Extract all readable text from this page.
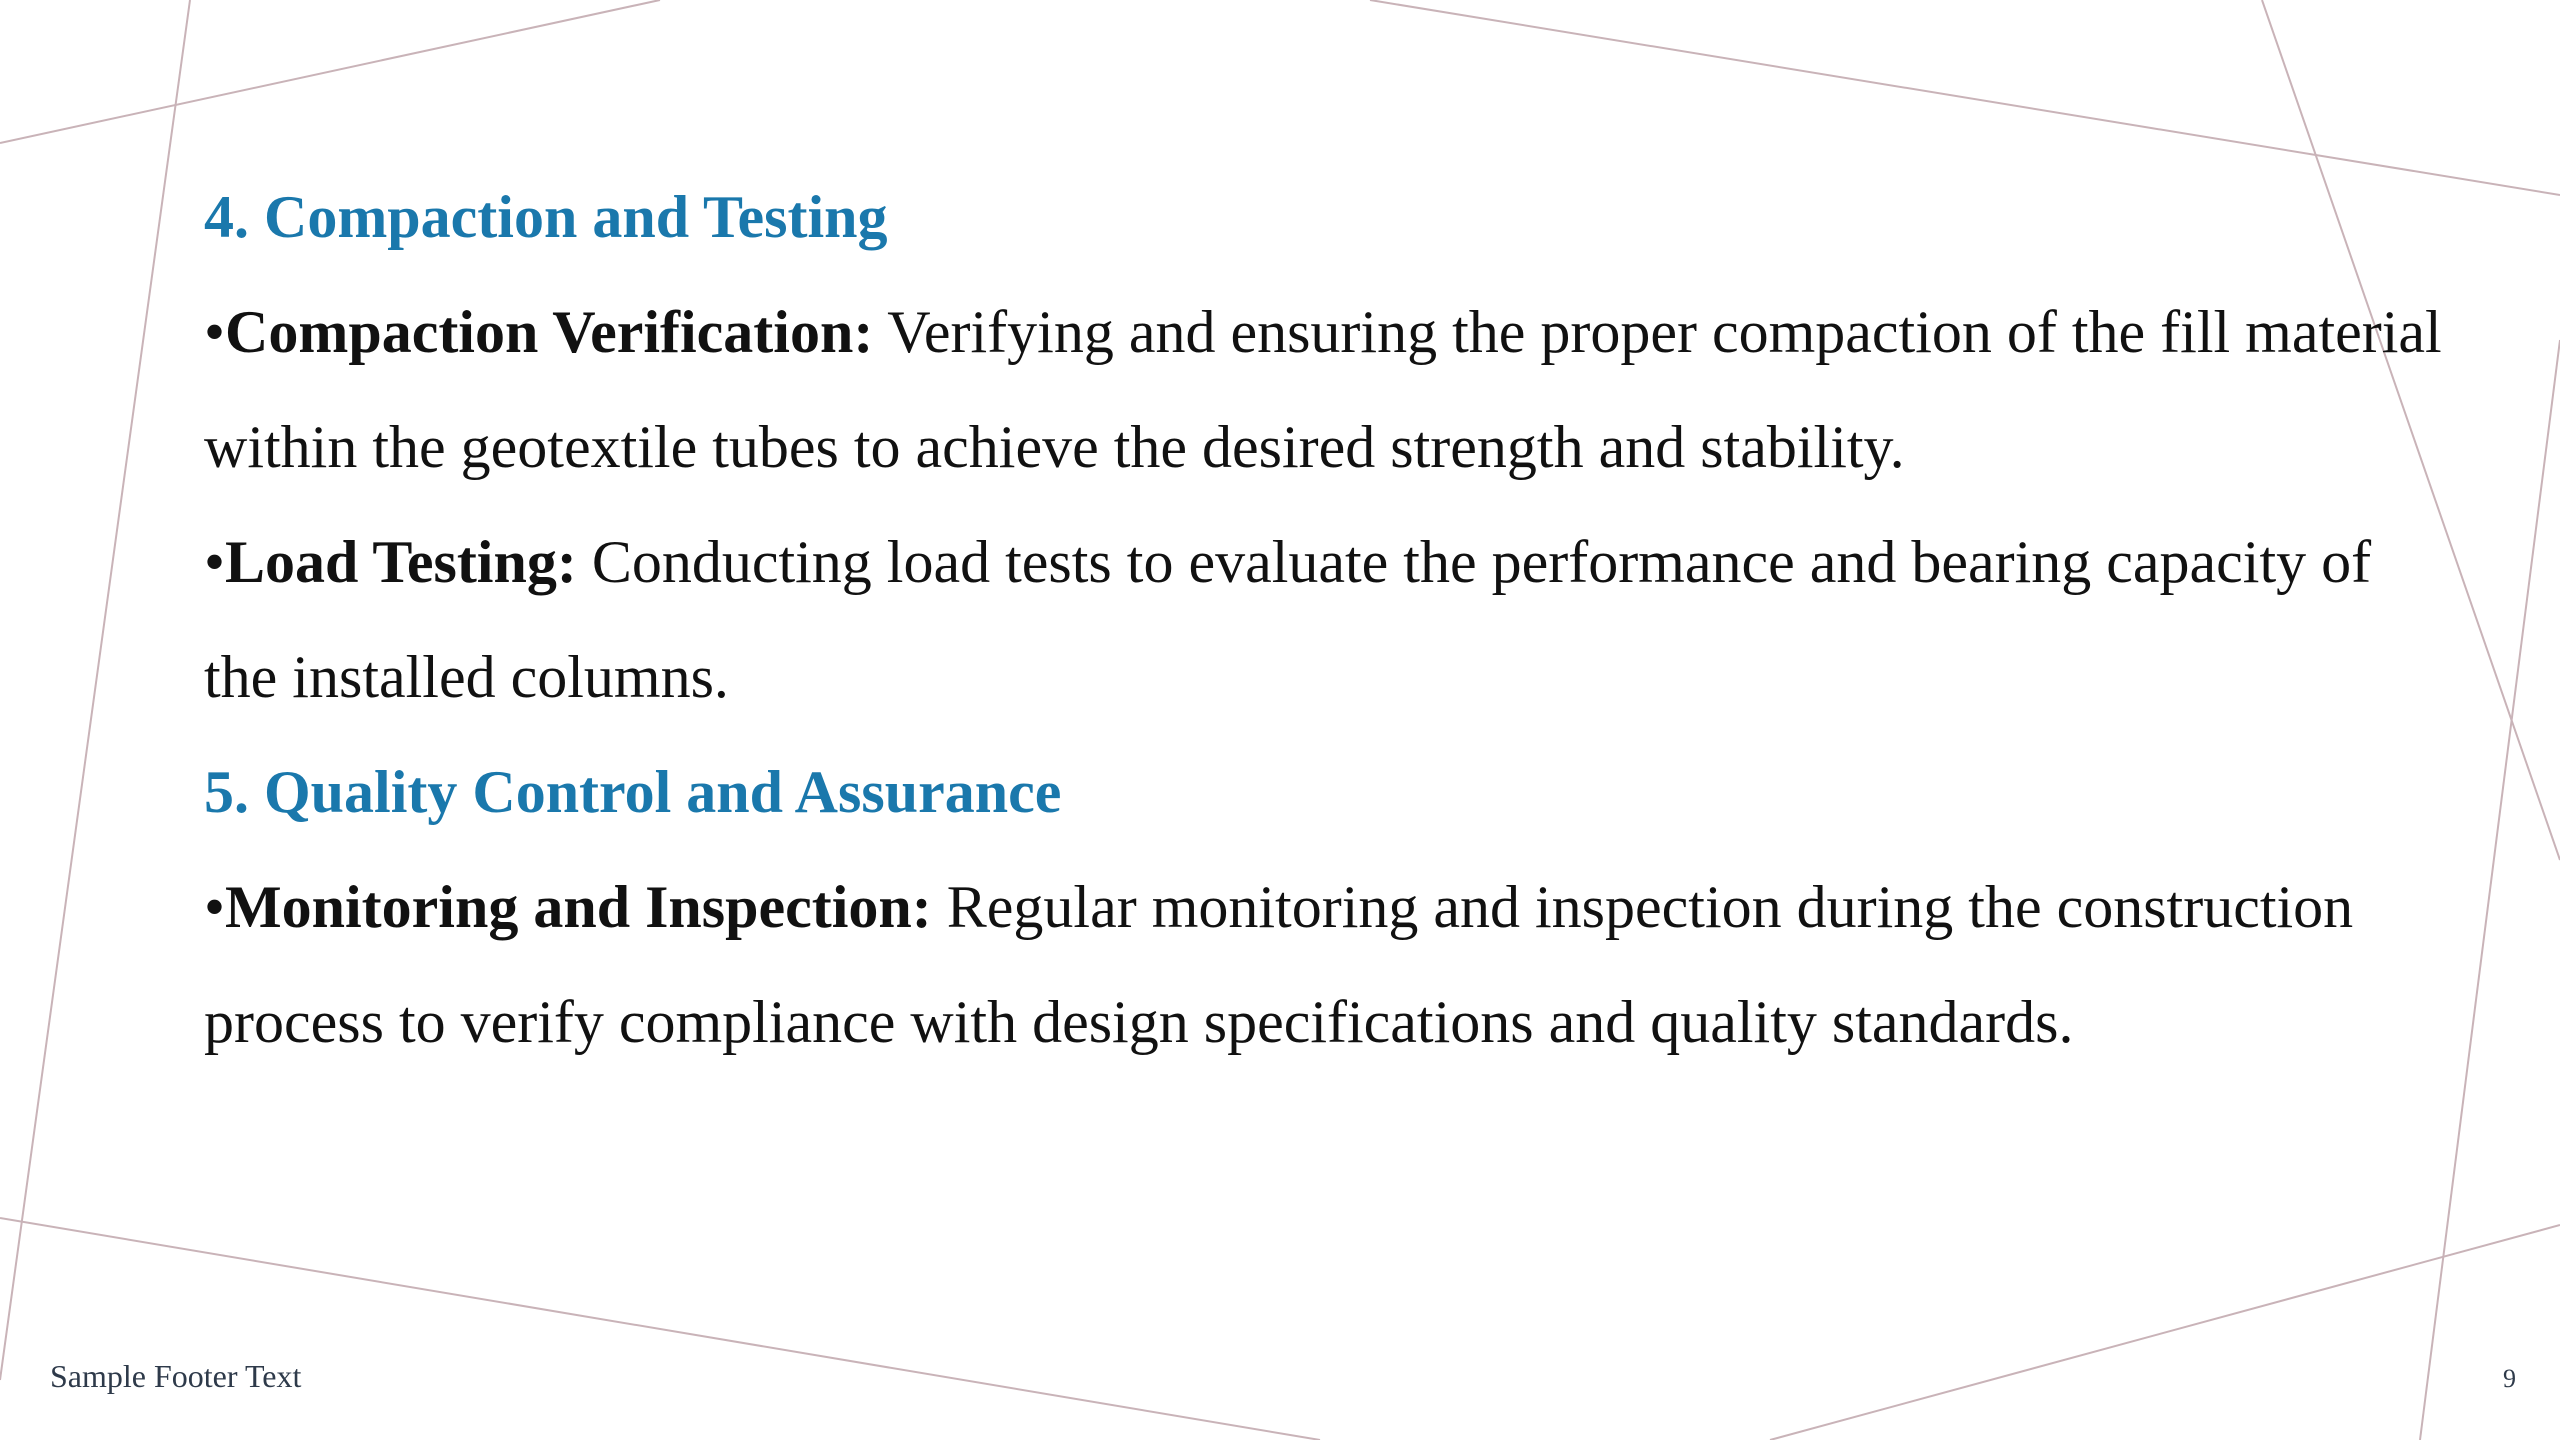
4. Compaction and Testing

•Compaction Verification: Verifying and ensuring the proper compaction of the fill material within the geotextile tubes to achieve the desired strength and stability.

•Load Testing: Conducting load tests to evaluate the performance and bearing capacity of the installed columns.

5. Quality Control and Assurance

•Monitoring and Inspection: Regular monitoring and inspection during the construction process to verify compliance with design specifications and quality standards.

Sample Footer Text	9
